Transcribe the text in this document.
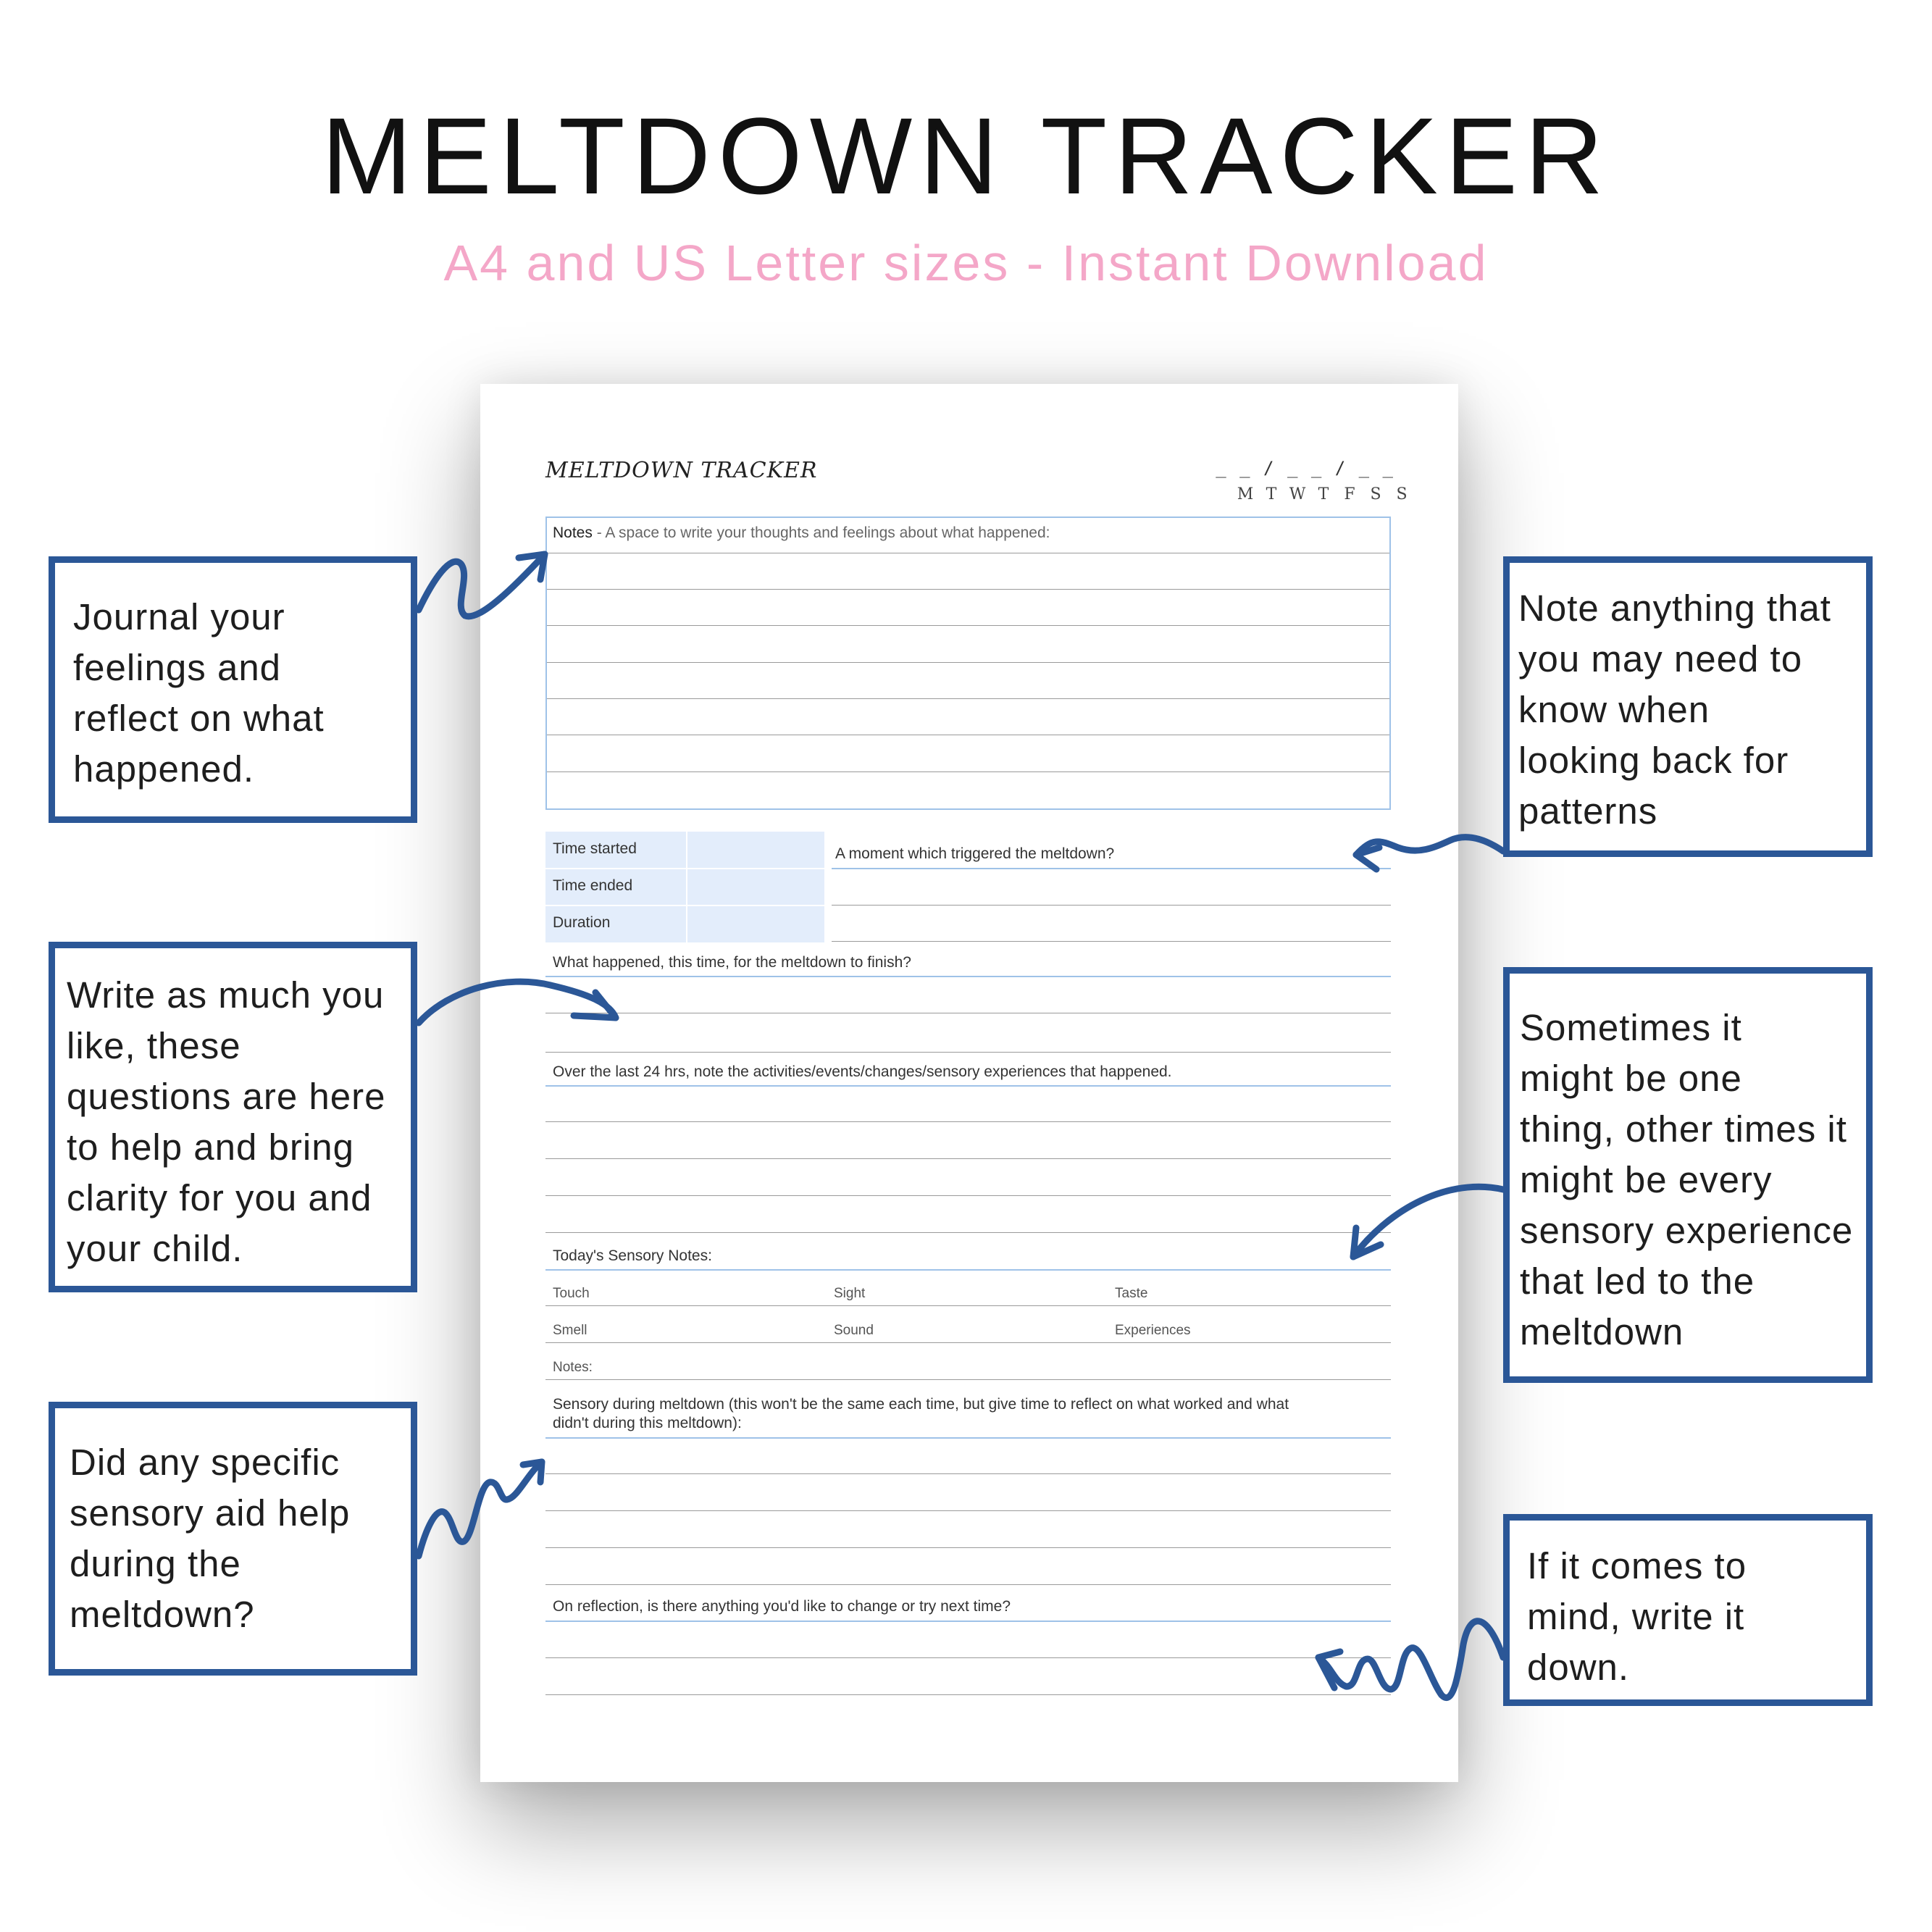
MELTDOWN TRACKER
A4 and US Letter sizes - Instant Download
MELTDOWN TRACKER	_ _ / _ _ / _ _
M T W T F S S
Notes - A space to write your thoughts and feelings about what happened:
Time started
Time ended
Duration
A moment which triggered the meltdown?
What happened, this time, for the meltdown to finish?
Over the last 24 hrs, note the activities/events/changes/sensory experiences that happened.
Today's Sensory Notes:
Touch	Sight	Taste
Smell	Sound	Experiences
Notes:
Sensory during meltdown (this won't be the same each time, but give time to reflect on what worked and what
didn't during this meltdown):
On reflection, is there anything you'd like to change or try next time?
Journal your
feelings and
reflect on what
happened.
Write as much you
like, these
questions are here
to help and bring
clarity for you and
your child.
Did any specific
sensory aid help
during the
meltdown?
Note anything that
you may need to
know when
looking back for
patterns
Sometimes it
might be one
thing, other times it
might be every
sensory experience
that led to the
meltdown
If it comes to
mind, write it
down.
